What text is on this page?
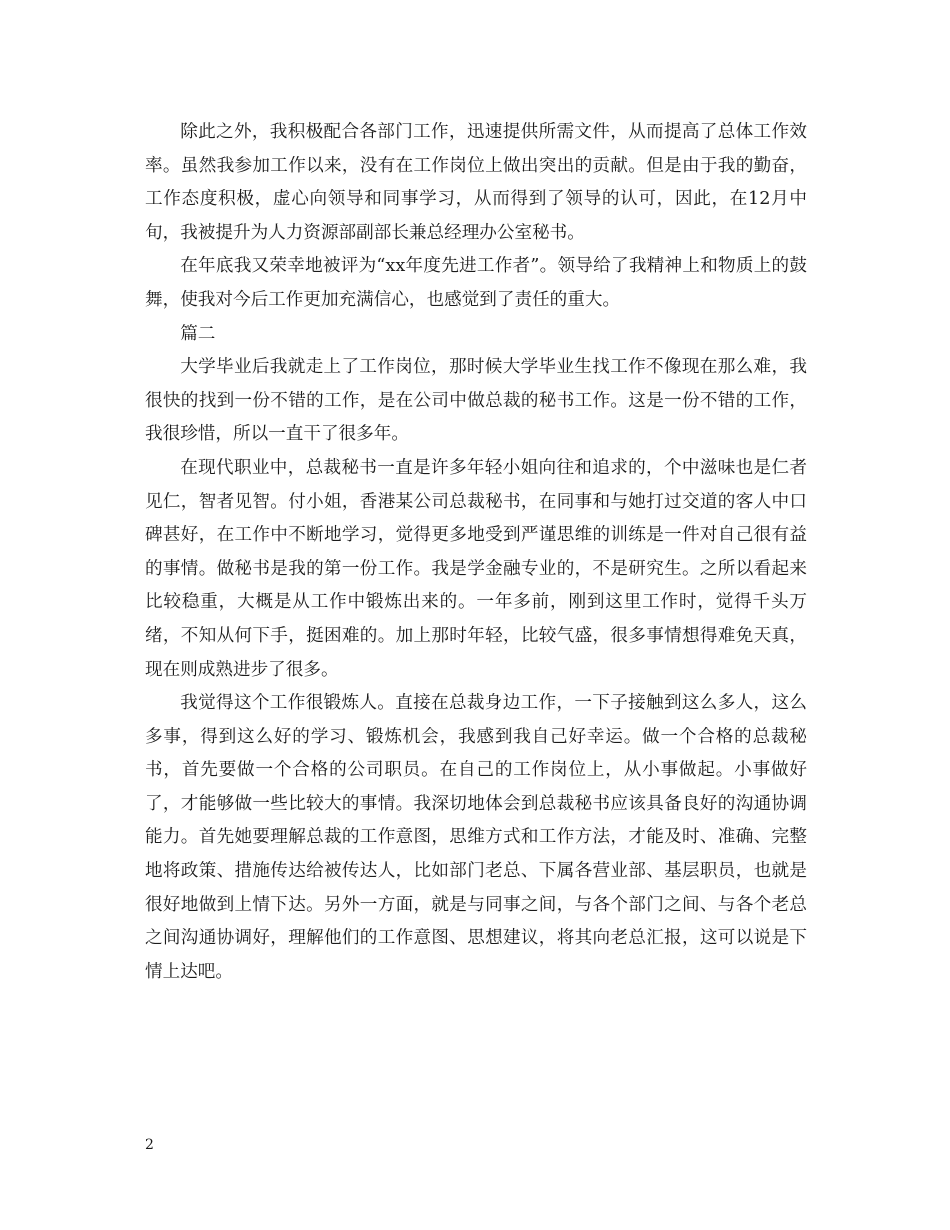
除此之外，我积极配合各部门工作，迅速提供所需文件，从而提高了总体工作效率。虽然我参加工作以来，没有在工作岗位上做出突出的贡献。但是由于我的勤奋，工作态度积极，虚心向领导和同事学习，从而得到了领导的认可，因此，在12月中旬，我被提升为人力资源部副部长兼总经理办公室秘书。

在年底我又荣幸地被评为“xx年度先进工作者”。领导给了我精神上和物质上的鼓舞，使我对今后工作更加充满信心，也感觉到了责任的重大。

篇二

大学毕业后我就走上了工作岗位，那时候大学毕业生找工作不像现在那么难，我很快的找到一份不错的工作，是在公司中做总裁的秘书工作。这是一份不错的工作，我很珍惜，所以一直干了很多年。

在现代职业中，总裁秘书一直是许多年轻小姐向往和追求的，个中滋味也是仁者见仁，智者见智。付小姐，香港某公司总裁秘书，在同事和与她打过交道的客人中口碑甚好，在工作中不断地学习，觉得更多地受到严谨思维的训练是一件对自己很有益的事情。做秘书是我的第一份工作。我是学金融专业的，不是研究生。之所以看起来比较稳重，大概是从工作中锻炼出来的。一年多前，刚到这里工作时，觉得千头万绪，不知从何下手，挺困难的。加上那时年轻，比较气盛，很多事情想得难免天真，现在则成熟进步了很多。

我觉得这个工作很锻炼人。直接在总裁身边工作，一下子接触到这么多人，这么多事，得到这么好的学习、锻炼机会，我感到我自己好幸运。做一个合格的总裁秘书，首先要做一个合格的公司职员。在自己的工作岗位上，从小事做起。小事做好了，才能够做一些比较大的事情。我深切地体会到总裁秘书应该具备良好的沟通协调能力。首先她要理解总裁的工作意图，思维方式和工作方法，才能及时、准确、完整地将政策、措施传达给被传达人，比如部门老总、下属各营业部、基层职员，也就是很好地做到上情下达。另外一方面，就是与同事之间，与各个部门之间、与各个老总之间沟通协调好，理解他们的工作意图、思想建议，将其向老总汇报，这可以说是下情上达吧。

2
